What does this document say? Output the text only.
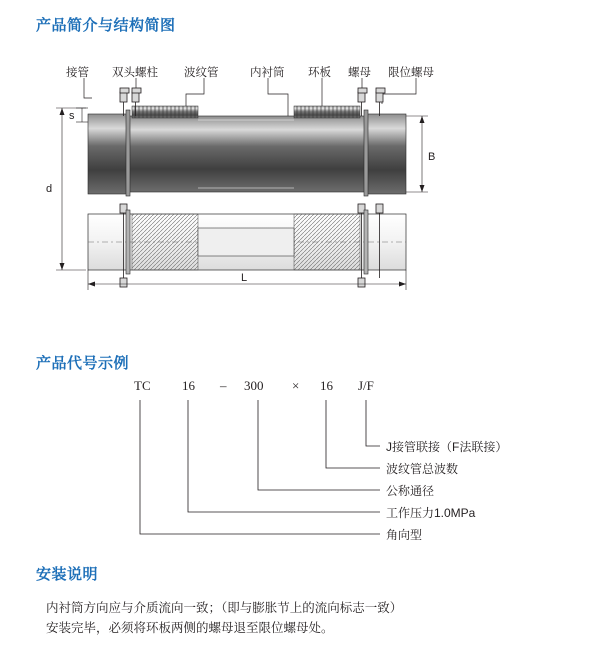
产品简介与结构简图
产品代号示例
安装说明
接管 双头螺柱 波纹管	内衬筒 环板 螺母 限位螺母
s
d
B
L
TC 16 – 300 × 16 J/F
J接管联接（F法联接）
波纹管总波数
公称通径
工作压力1.0MPa
角向型
内衬筒方向应与介质流向一致；（即与膨胀节上的流向标志一致）
安装完毕，必须将环板两侧的螺母退至限位螺母处。
